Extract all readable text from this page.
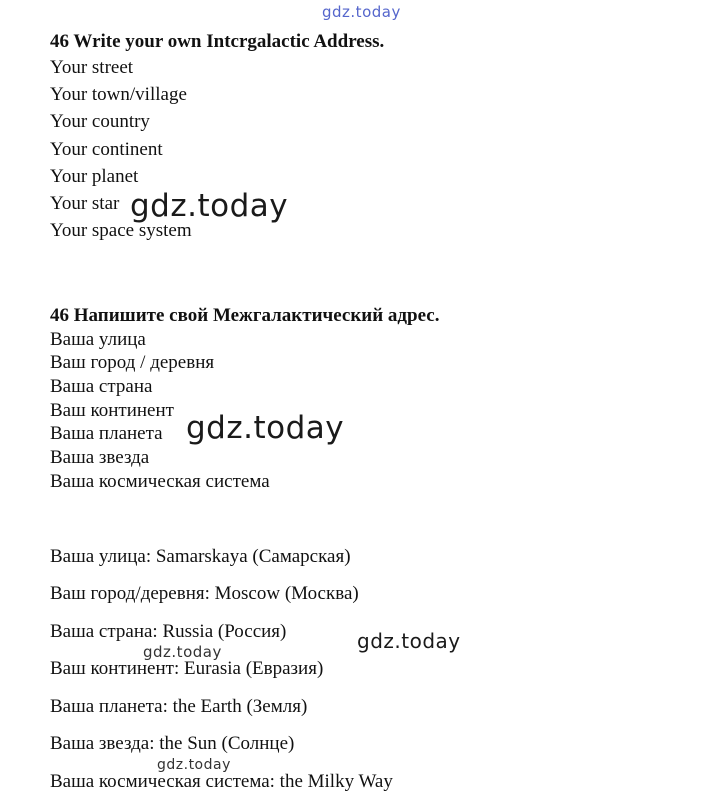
gdz.today
46 Write your own Intcrgalactic Address.
Your street
Your town/village
Your country
Your continent
Your planet
Your star
Your space system
gdz.today
46 Напишите свой Межгалактический адрес.
Ваша улица
Ваш город / деревня
Ваша страна
Ваш континент
Ваша планета
Ваша звезда
Ваша космическая система
gdz.today
Ваша улица: Samarskaya (Самарская)
Ваш город/деревня: Moscow (Москва)
Ваша страна: Russia (Россия)
Ваш континент: Eurasia (Евразия)
Ваша планета: the Earth (Земля)
Ваша звезда: the Sun (Солнце)
Ваша космическая система: the Milky Way
gdz.today
gdz.today
gdz.today
